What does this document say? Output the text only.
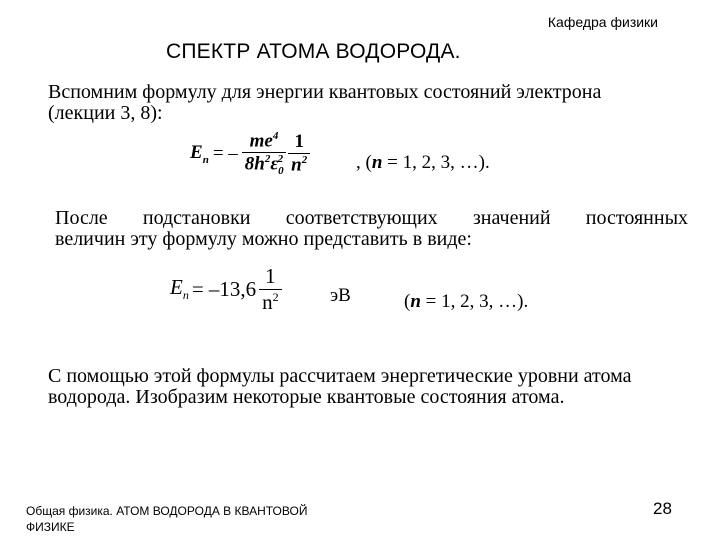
Кафедра физики
СПЕКТР АТОМА ВОДОРОДА.
Вспомним формулу для энергии квантовых состояний электрона
(лекции 3, 8):
$E_n$ = – $\frac{me^4}{8h^2\varepsilon_0^2} \frac{1}{n^2}$ , (n = 1, 2, 3, …).
После подстановки соответствующих значений постоянных
величин эту формулу можно представить в виде:
$E_n = -13,6 \frac{1}{n^2}$	эВ	(n = 1, 2, 3, …).
С помощью этой формулы рассчитаем энергетические уровни атома
водорода. Изобразим некоторые квантовые состояния атома.
Общая физика. АТОМ ВОДОРОДА В КВАНТОВОЙ
ФИЗИКЕ
28
